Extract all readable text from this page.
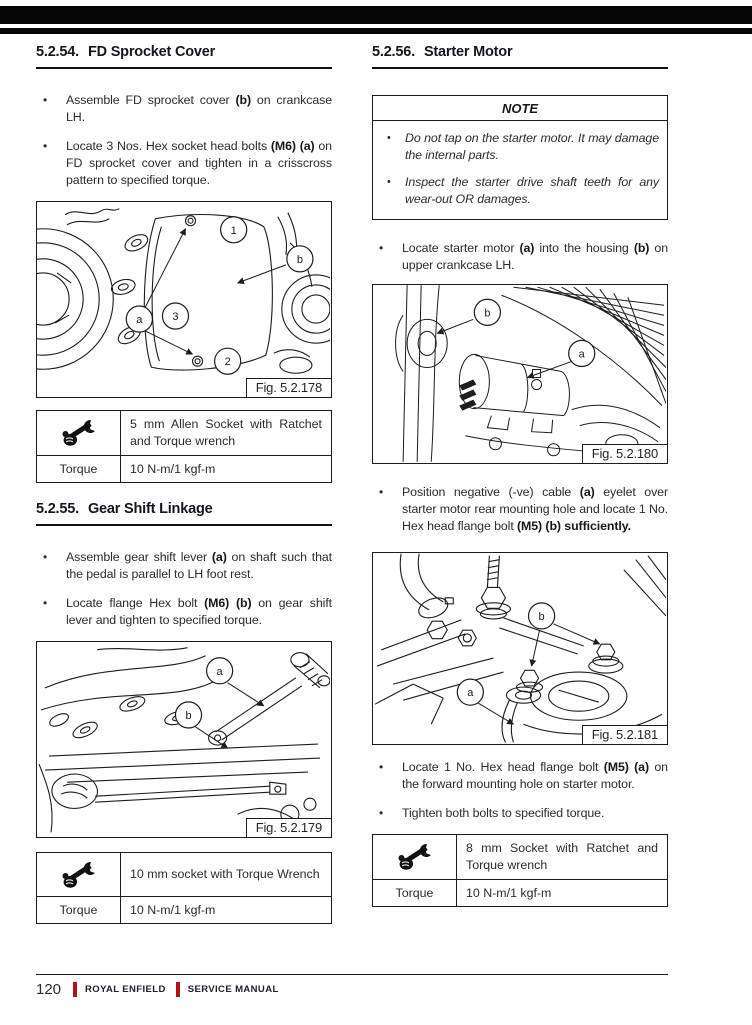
5.2.54. FD Sprocket Cover
•	Assemble FD sprocket cover (b) on crankcase LH.
•	Locate 3 Nos. Hex socket head bolts (M6) (a) on FD sprocket cover and tighten in a crisscross pattern to specified torque.
1
b
a	3
2
Fig. 5.2.178
5 mm Allen Socket with Ratchet and Torque wrench
Torque	10 N-m/1 kgf-m
5.2.55. Gear Shift Linkage
•	Assemble gear shift lever (a) on shaft such that the pedal is parallel to LH foot rest.
•	Locate flange Hex bolt (M6) (b) on gear shift lever and tighten to specified torque.
a
b
Fig. 5.2.179
10 mm socket with Torque Wrench
Torque	10 N-m/1 kgf-m
5.2.56. Starter Motor
NOTE
•	Do not tap on the starter motor. It may damage the internal parts.
•	Inspect the starter drive shaft teeth for any wear-out OR damages.
•	Locate starter motor (a) into the housing (b) on upper crankcase LH.
b
a
Fig. 5.2.180
•	Position negative (-ve) cable (a) eyelet over starter motor rear mounting hole and locate 1 No. Hex head flange bolt (M5) (b) sufficiently.
b
a
Fig. 5.2.181
•	Locate 1 No. Hex head flange bolt (M5) (a) on the forward mounting hole on starter motor.
•	Tighten both bolts to specified torque.
8 mm Socket with Ratchet and Torque wrench
Torque	10 N-m/1 kgf-m
120	ROYAL ENFIELD SERVICE MANUAL
